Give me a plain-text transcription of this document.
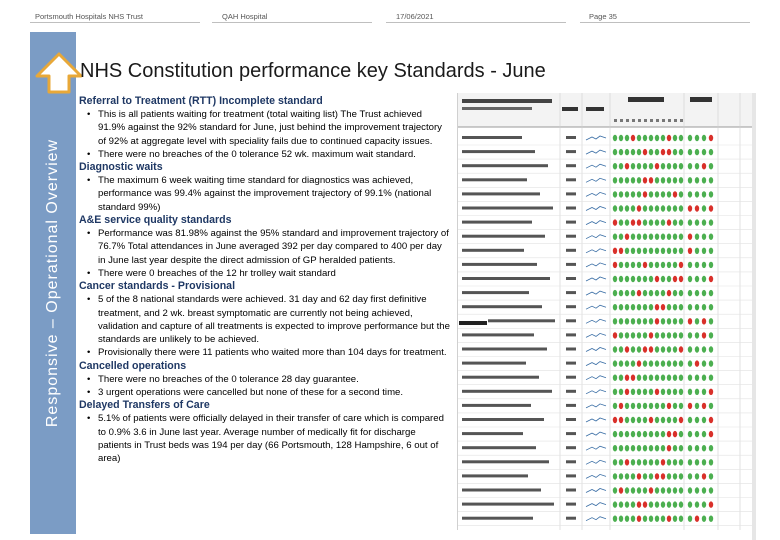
Portsmouth Hospitals NHS Trust	QAH Hospital	17/06/2021	Page 35
Responsive – Operational Overview
NHS Constitution performance key Standards - June
Referral to Treatment (RTT) Incomplete standard
• This is all patients waiting for treatment (total waiting list) The Trust achieved 91.9% against the 92% standard for June, just behind the improvement trajectory of 92% at aggregate level with speciality fails due to continued capacity issues.
• There were no breaches of the 0 tolerance 52 wk. maximum wait standard.
Diagnostic waits
• The maximum 6 week waiting time standard for diagnostics was achieved, performance was 99.4% against the improvement trajectory of 99.1% (national standard 99%)
A&E service quality standards
• Performance was 81.98% against the 95% standard and improvement trajectory of 76.7% Total attendances in June averaged 392 per day compared to 400 per day in June last year despite the direct admission of GP heralded patients.
• There were 0 breaches of the 12 hr trolley wait standard
Cancer standards - Provisional
• 5 of the 8 national standards were achieved. 31 day and 62 day first definitive treatment, and 2 wk. breast symptomatic are currently not being achieved, validation and capture of all treatments is expected to improve performance but the standards are unlikely to be achieved.
• Provisionally there were 11 patients who waited more than 104 days for treatment.
Cancelled operations
• There were no breaches of the 0 tolerance 28 day guarantee.
• 3 urgent operations were cancelled but none of these for a second time.
Delayed Transfers of Care
• 5.1% of patients were officially delayed in their transfer of care which is compared to 0.9% 3.6 in June last year. Average number of medically fit for discharge patients in Trust beds was 194 per day (66 Portsmouth, 128 Hampshire, 6 out of area)
